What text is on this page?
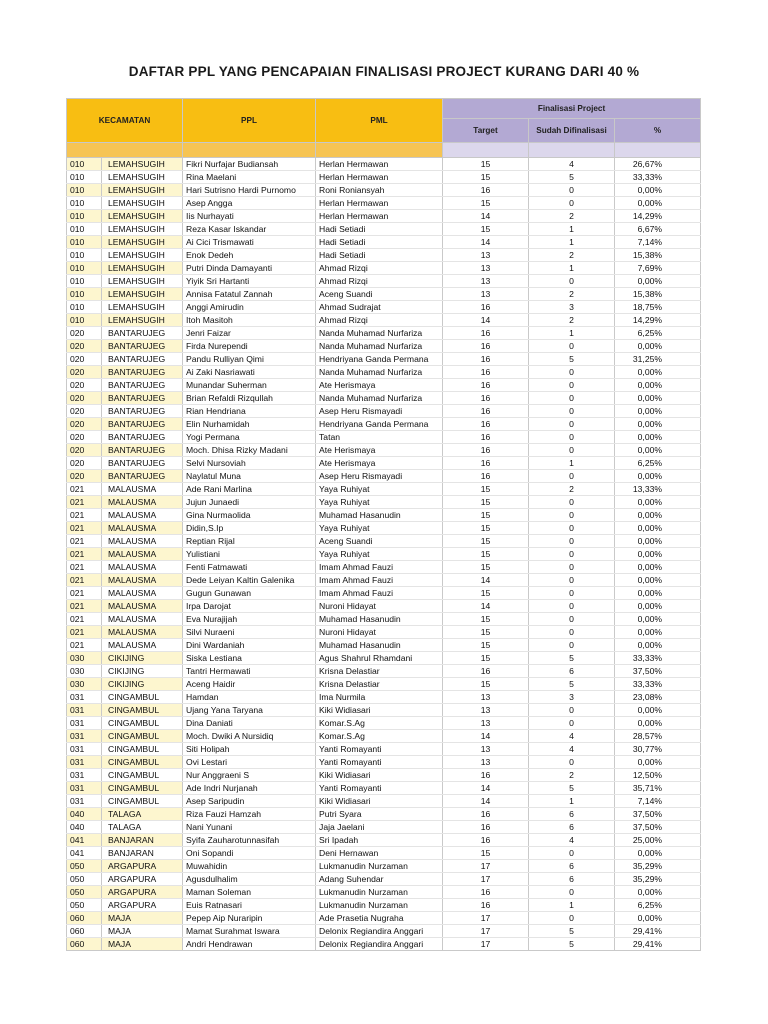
DAFTAR PPL YANG PENCAPAIAN FINALISASI PROJECT KURANG DARI 40 %
KECAMATAN		PPL	PML	Finalisasi Project		
				Target	Sudah Difinalisasi	%

010	LEMAHSUGIH	Fikri Nurfajar Budiansah	Herlan Hermawan	15	4	26,67%
010	LEMAHSUGIH	Rina Maelani	Herlan Hermawan	15	5	33,33%
010	LEMAHSUGIH	Hari Sutrisno Hardi Purnomo	Roni Roniansyah	16	0	0,00%
010	LEMAHSUGIH	Asep Angga	Herlan Hermawan	15	0	0,00%
010	LEMAHSUGIH	Iis Nurhayati	Herlan Hermawan	14	2	14,29%
010	LEMAHSUGIH	Reza Kasar Iskandar	Hadi Setiadi	15	1	6,67%
010	LEMAHSUGIH	Ai Cici Trismawati	Hadi Setiadi	14	1	7,14%
010	LEMAHSUGIH	Enok Dedeh	Hadi Setiadi	13	2	15,38%
010	LEMAHSUGIH	Putri Dinda Damayanti	Ahmad Rizqi	13	1	7,69%
010	LEMAHSUGIH	Yiyik Sri Hartanti	Ahmad Rizqi	13	0	0,00%
010	LEMAHSUGIH	Annisa Fatatul Zannah	Aceng Suandi	13	2	15,38%
010	LEMAHSUGIH	Anggi Amirudin	Ahmad Sudrajat	16	3	18,75%
010	LEMAHSUGIH	Itoh Masitoh	Ahmad Rizqi	14	2	14,29%
020	BANTARUJEG	Jenri Faizar	Nanda Muhamad Nurfariza	16	1	6,25%
020	BANTARUJEG	Firda Nurependi	Nanda Muhamad Nurfariza	16	0	0,00%
020	BANTARUJEG	Pandu Rulliyan Qimi	Hendriyana Ganda Permana	16	5	31,25%
020	BANTARUJEG	Ai Zaki Nasriawati	Nanda Muhamad Nurfariza	16	0	0,00%
020	BANTARUJEG	Munandar Suherman	Ate Herismaya	16	0	0,00%
020	BANTARUJEG	Brian Refaldi Rizqullah	Nanda Muhamad Nurfariza	16	0	0,00%
020	BANTARUJEG	Rian Hendriana	Asep Heru Rismayadi	16	0	0,00%
020	BANTARUJEG	Elin Nurhamidah	Hendriyana Ganda Permana	16	0	0,00%
020	BANTARUJEG	Yogi Permana	Tatan	16	0	0,00%
020	BANTARUJEG	Moch. Dhisa Rizky Madani	Ate Herismaya	16	0	0,00%
020	BANTARUJEG	Selvi Nursoviah	Ate Herismaya	16	1	6,25%
020	BANTARUJEG	Naylatul Muna	Asep Heru Rismayadi	16	0	0,00%
021	MALAUSMA	Ade Rani Marlina	Yaya Ruhiyat	15	2	13,33%
021	MALAUSMA	Jujun Junaedi	Yaya Ruhiyat	15	0	0,00%
021	MALAUSMA	Gina Nurmaolida	Muhamad Hasanudin	15	0	0,00%
021	MALAUSMA	Didin,S.Ip	Yaya Ruhiyat	15	0	0,00%
021	MALAUSMA	Reptian Rijal	Aceng Suandi	15	0	0,00%
021	MALAUSMA	Yulistiani	Yaya Ruhiyat	15	0	0,00%
021	MALAUSMA	Fenti Fatmawati	Imam Ahmad Fauzi	15	0	0,00%
021	MALAUSMA	Dede Leiyan Kaltin Galenika	Imam Ahmad Fauzi	14	0	0,00%
021	MALAUSMA	Gugun Gunawan	Imam Ahmad Fauzi	15	0	0,00%
021	MALAUSMA	Irpa Darojat	Nuroni Hidayat	14	0	0,00%
021	MALAUSMA	Eva Nurajijah	Muhamad Hasanudin	15	0	0,00%
021	MALAUSMA	Silvi Nuraeni	Nuroni Hidayat	15	0	0,00%
021	MALAUSMA	Dini Wardaniah	Muhamad Hasanudin	15	0	0,00%
030	CIKIJING	Siska Lestiana	Agus Shahrul Rhamdani	15	5	33,33%
030	CIKIJING	Tantri Hermawati	Krisna Delastiar	16	6	37,50%
030	CIKIJING	Aceng Haidir	Krisna Delastiar	15	5	33,33%
031	CINGAMBUL	Hamdan	Ima Nurmila	13	3	23,08%
031	CINGAMBUL	Ujang Yana Taryana	Kiki Widiasari	13	0	0,00%
031	CINGAMBUL	Dina Daniati	Komar.S.Ag	13	0	0,00%
031	CINGAMBUL	Moch. Dwiki A Nursidiq	Komar.S.Ag	14	4	28,57%
031	CINGAMBUL	Siti Holipah	Yanti Romayanti	13	4	30,77%
031	CINGAMBUL	Ovi Lestari	Yanti Romayanti	13	0	0,00%
031	CINGAMBUL	Nur Anggraeni S	Kiki Widiasari	16	2	12,50%
031	CINGAMBUL	Ade Indri Nurjanah	Yanti Romayanti	14	5	35,71%
031	CINGAMBUL	Asep Saripudin	Kiki Widiasari	14	1	7,14%
040	TALAGA	Riza Fauzi Hamzah	Putri Syara	16	6	37,50%
040	TALAGA	Nani Yunani	Jaja Jaelani	16	6	37,50%
041	BANJARAN	Syifa Zauharotunnasifah	Sri Ipadah	16	4	25,00%
041	BANJARAN	Oni Sopandi	Deni Hernawan	15	0	0,00%
050	ARGAPURA	Muwahidin	Lukmanudin Nurzaman	17	6	35,29%
050	ARGAPURA	Agusdulhalim	Adang Suhendar	17	6	35,29%
050	ARGAPURA	Maman Soleman	Lukmanudin Nurzaman	16	0	0,00%
050	ARGAPURA	Euis Ratnasari	Lukmanudin Nurzaman	16	1	6,25%
060	MAJA	Pepep Aip Nuraripin	Ade Prasetia Nugraha	17	0	0,00%
060	MAJA	Mamat Surahmat Iswara	Delonix Regiandira Anggari	17	5	29,41%
060	MAJA	Andri Hendrawan	Delonix Regiandira Anggari	17	5	29,41%
